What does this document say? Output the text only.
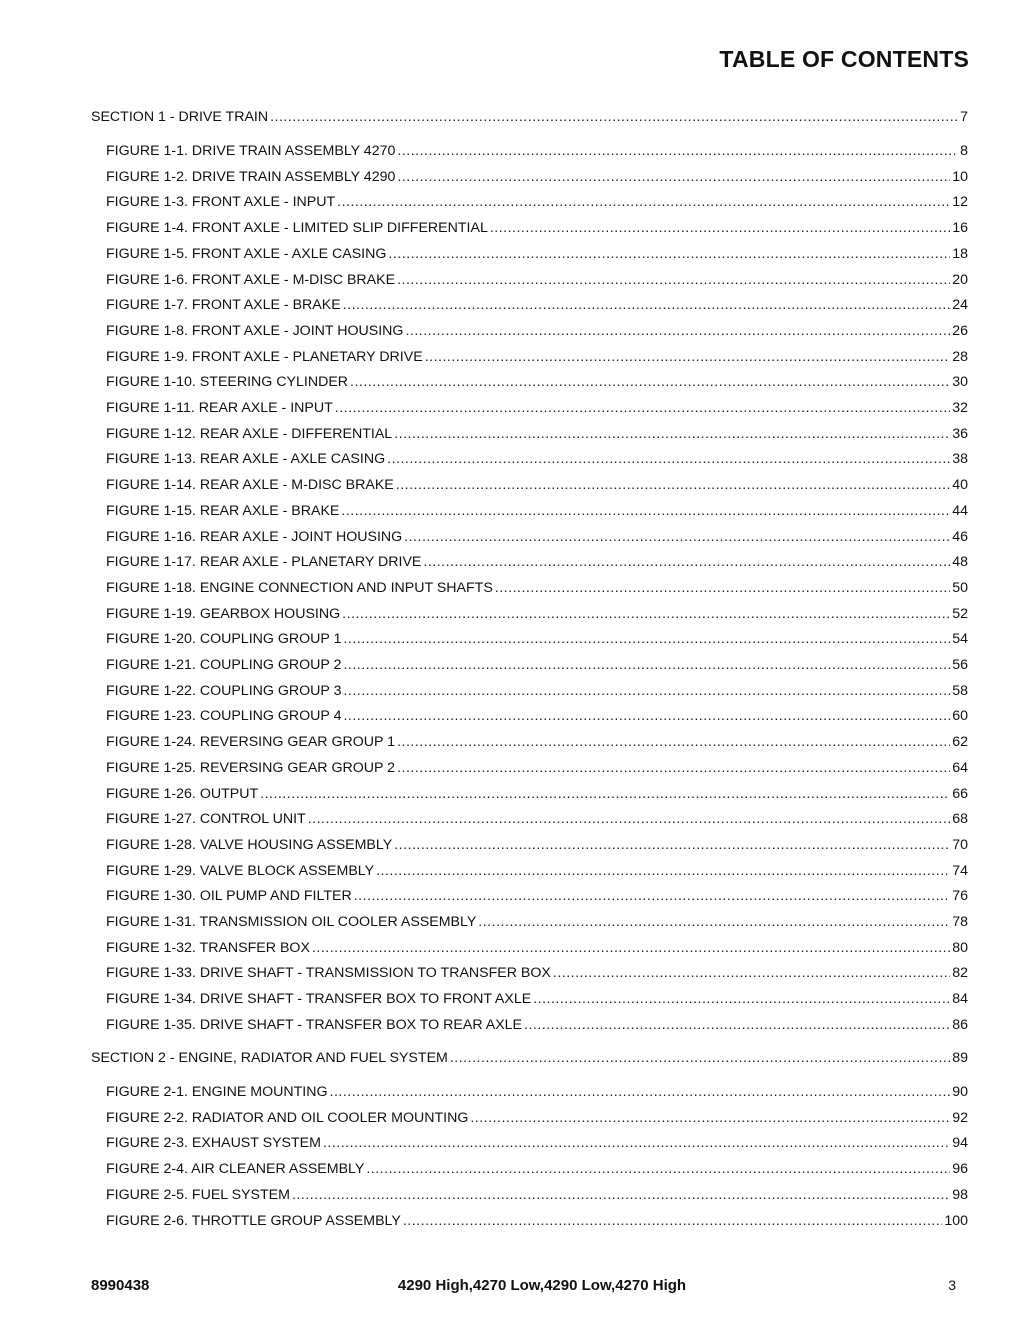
TABLE OF CONTENTS
SECTION 1 - DRIVE TRAIN .....	7
FIGURE 1-1. DRIVE TRAIN ASSEMBLY 4270 .....	8
FIGURE 1-2. DRIVE TRAIN ASSEMBLY 4290 .....	10
FIGURE 1-3. FRONT AXLE - INPUT .....	12
FIGURE 1-4. FRONT AXLE - LIMITED SLIP DIFFERENTIAL .....	16
FIGURE 1-5. FRONT AXLE - AXLE CASING .....	18
FIGURE 1-6. FRONT AXLE - M-DISC BRAKE .....	20
FIGURE 1-7. FRONT AXLE - BRAKE .....	24
FIGURE 1-8. FRONT AXLE - JOINT HOUSING .....	26
FIGURE 1-9. FRONT AXLE - PLANETARY DRIVE .....	28
FIGURE 1-10. STEERING CYLINDER .....	30
FIGURE 1-11. REAR AXLE - INPUT .....	32
FIGURE 1-12. REAR AXLE - DIFFERENTIAL .....	36
FIGURE 1-13. REAR AXLE - AXLE CASING .....	38
FIGURE 1-14. REAR AXLE - M-DISC BRAKE .....	40
FIGURE 1-15. REAR AXLE - BRAKE .....	44
FIGURE 1-16. REAR AXLE - JOINT HOUSING .....	46
FIGURE 1-17. REAR AXLE - PLANETARY DRIVE .....	48
FIGURE 1-18. ENGINE CONNECTION AND INPUT SHAFTS .....	50
FIGURE 1-19. GEARBOX HOUSING .....	52
FIGURE 1-20. COUPLING GROUP 1 .....	54
FIGURE 1-21. COUPLING GROUP 2 .....	56
FIGURE 1-22. COUPLING GROUP 3 .....	58
FIGURE 1-23. COUPLING GROUP 4 .....	60
FIGURE 1-24. REVERSING GEAR GROUP 1 .....	62
FIGURE 1-25. REVERSING GEAR GROUP 2 .....	64
FIGURE 1-26. OUTPUT .....	66
FIGURE 1-27. CONTROL UNIT .....	68
FIGURE 1-28. VALVE HOUSING ASSEMBLY .....	70
FIGURE 1-29. VALVE BLOCK ASSEMBLY .....	74
FIGURE 1-30. OIL PUMP AND FILTER .....	76
FIGURE 1-31. TRANSMISSION OIL COOLER ASSEMBLY .....	78
FIGURE 1-32. TRANSFER BOX .....	80
FIGURE 1-33. DRIVE SHAFT - TRANSMISSION TO TRANSFER BOX .....	82
FIGURE 1-34. DRIVE SHAFT - TRANSFER BOX TO FRONT AXLE .....	84
FIGURE 1-35. DRIVE SHAFT - TRANSFER BOX TO REAR AXLE .....	86
SECTION 2 - ENGINE, RADIATOR AND FUEL SYSTEM .....	89
FIGURE 2-1. ENGINE MOUNTING .....	90
FIGURE 2-2. RADIATOR AND OIL COOLER MOUNTING .....	92
FIGURE 2-3. EXHAUST SYSTEM .....	94
FIGURE 2-4. AIR CLEANER ASSEMBLY .....	96
FIGURE 2-5. FUEL SYSTEM .....	98
FIGURE 2-6. THROTTLE GROUP ASSEMBLY .....	100
8990438	4290 High,4270 Low,4290 Low,4270 High	3
